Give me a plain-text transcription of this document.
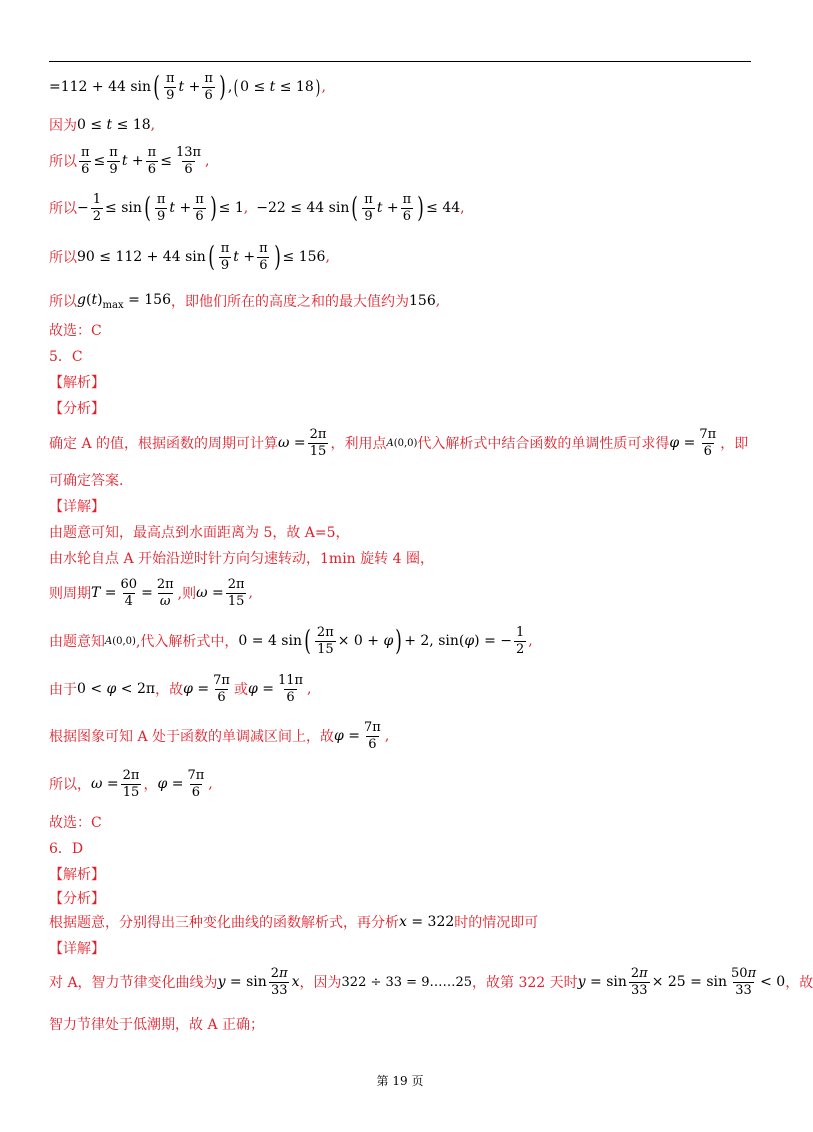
=112 + 44 sin ( $\frac{\pi}{9}$ $t + \frac{\pi}{6}$ ) , ( 0 ≤ t ≤ 18 ) ,
因为 0 ≤ t ≤ 18 ,
所以 $\frac{\pi}{6} \le \frac{\pi}{9}$ $t + \frac{\pi}{6} \le \frac{13\pi}{6}$ ,
所以 − $\frac{1}{2} \le \sin$ ( $\frac{\pi}{9}$ $t + \frac{\pi}{6}$ ) ≤ 1 , −22 ≤ 44 sin ( $\frac{\pi}{9}$ $t + \frac{\pi}{6}$ ) ≤ 44 ,
所以 90 ≤ 112 + 44 sin ( $\frac{\pi}{9}$ $t + \frac{\pi}{6}$ ) ≤ 156 ,
所以 $g(t)_{max} = 156$ ，即他们所在的高度之和的最大值约为 156 ,
故选：C
5．C
【解析】
【分析】
确定 A 的值，根据函数的周期可计算 $\omega = \frac{2\pi}{15}$ ，利用点 A(0,0) 代入解析式中结合函数的单调性质可求得 $\varphi = \frac{7\pi}{6}$ ，即
可确定答案.
【详解】
由题意可知，最高点到水面距离为 5，故 A=5，
由水轮自点 A 开始沿逆时针方向匀速转动，1min 旋转 4 圈，
则周期 $T = \frac{60}{4} = \frac{2\pi}{\omega}$ ,则 $\omega = \frac{2\pi}{15}$ ,
由题意知 A(0,0) ,代入解析式中， 0 = 4 sin ( $\frac{2\pi}{15} \times 0 + \varphi$ ) + 2, sin(φ) = − $\frac{1}{2}$ ,
由于 0 < φ < 2π ，故 $\varphi = \frac{7\pi}{6}$ 或 $\varphi = \frac{11\pi}{6}$ ,
根据图象可知 A 处于函数的单调减区间上，故 $\varphi = \frac{7\pi}{6}$ ,
所以， $\omega = \frac{2\pi}{15}$ ， $\varphi = \frac{7\pi}{6}$ ,
故选：C
6．D
【解析】
【分析】
根据题意，分别得出三种变化曲线的函数解析式，再分析 x = 322 时的情况即可
【详解】
对 A，智力节律变化曲线为 $y = \sin \frac{2\pi}{33}$ x ，因为 322 ÷ 33 = 9……25 ，故第 322 天时 $y = \sin \frac{2\pi}{33} \times 25 = \sin \frac{50\pi}{33} < 0$ ，故
智力节律处于低潮期，故 A 正确；
第 19 页
